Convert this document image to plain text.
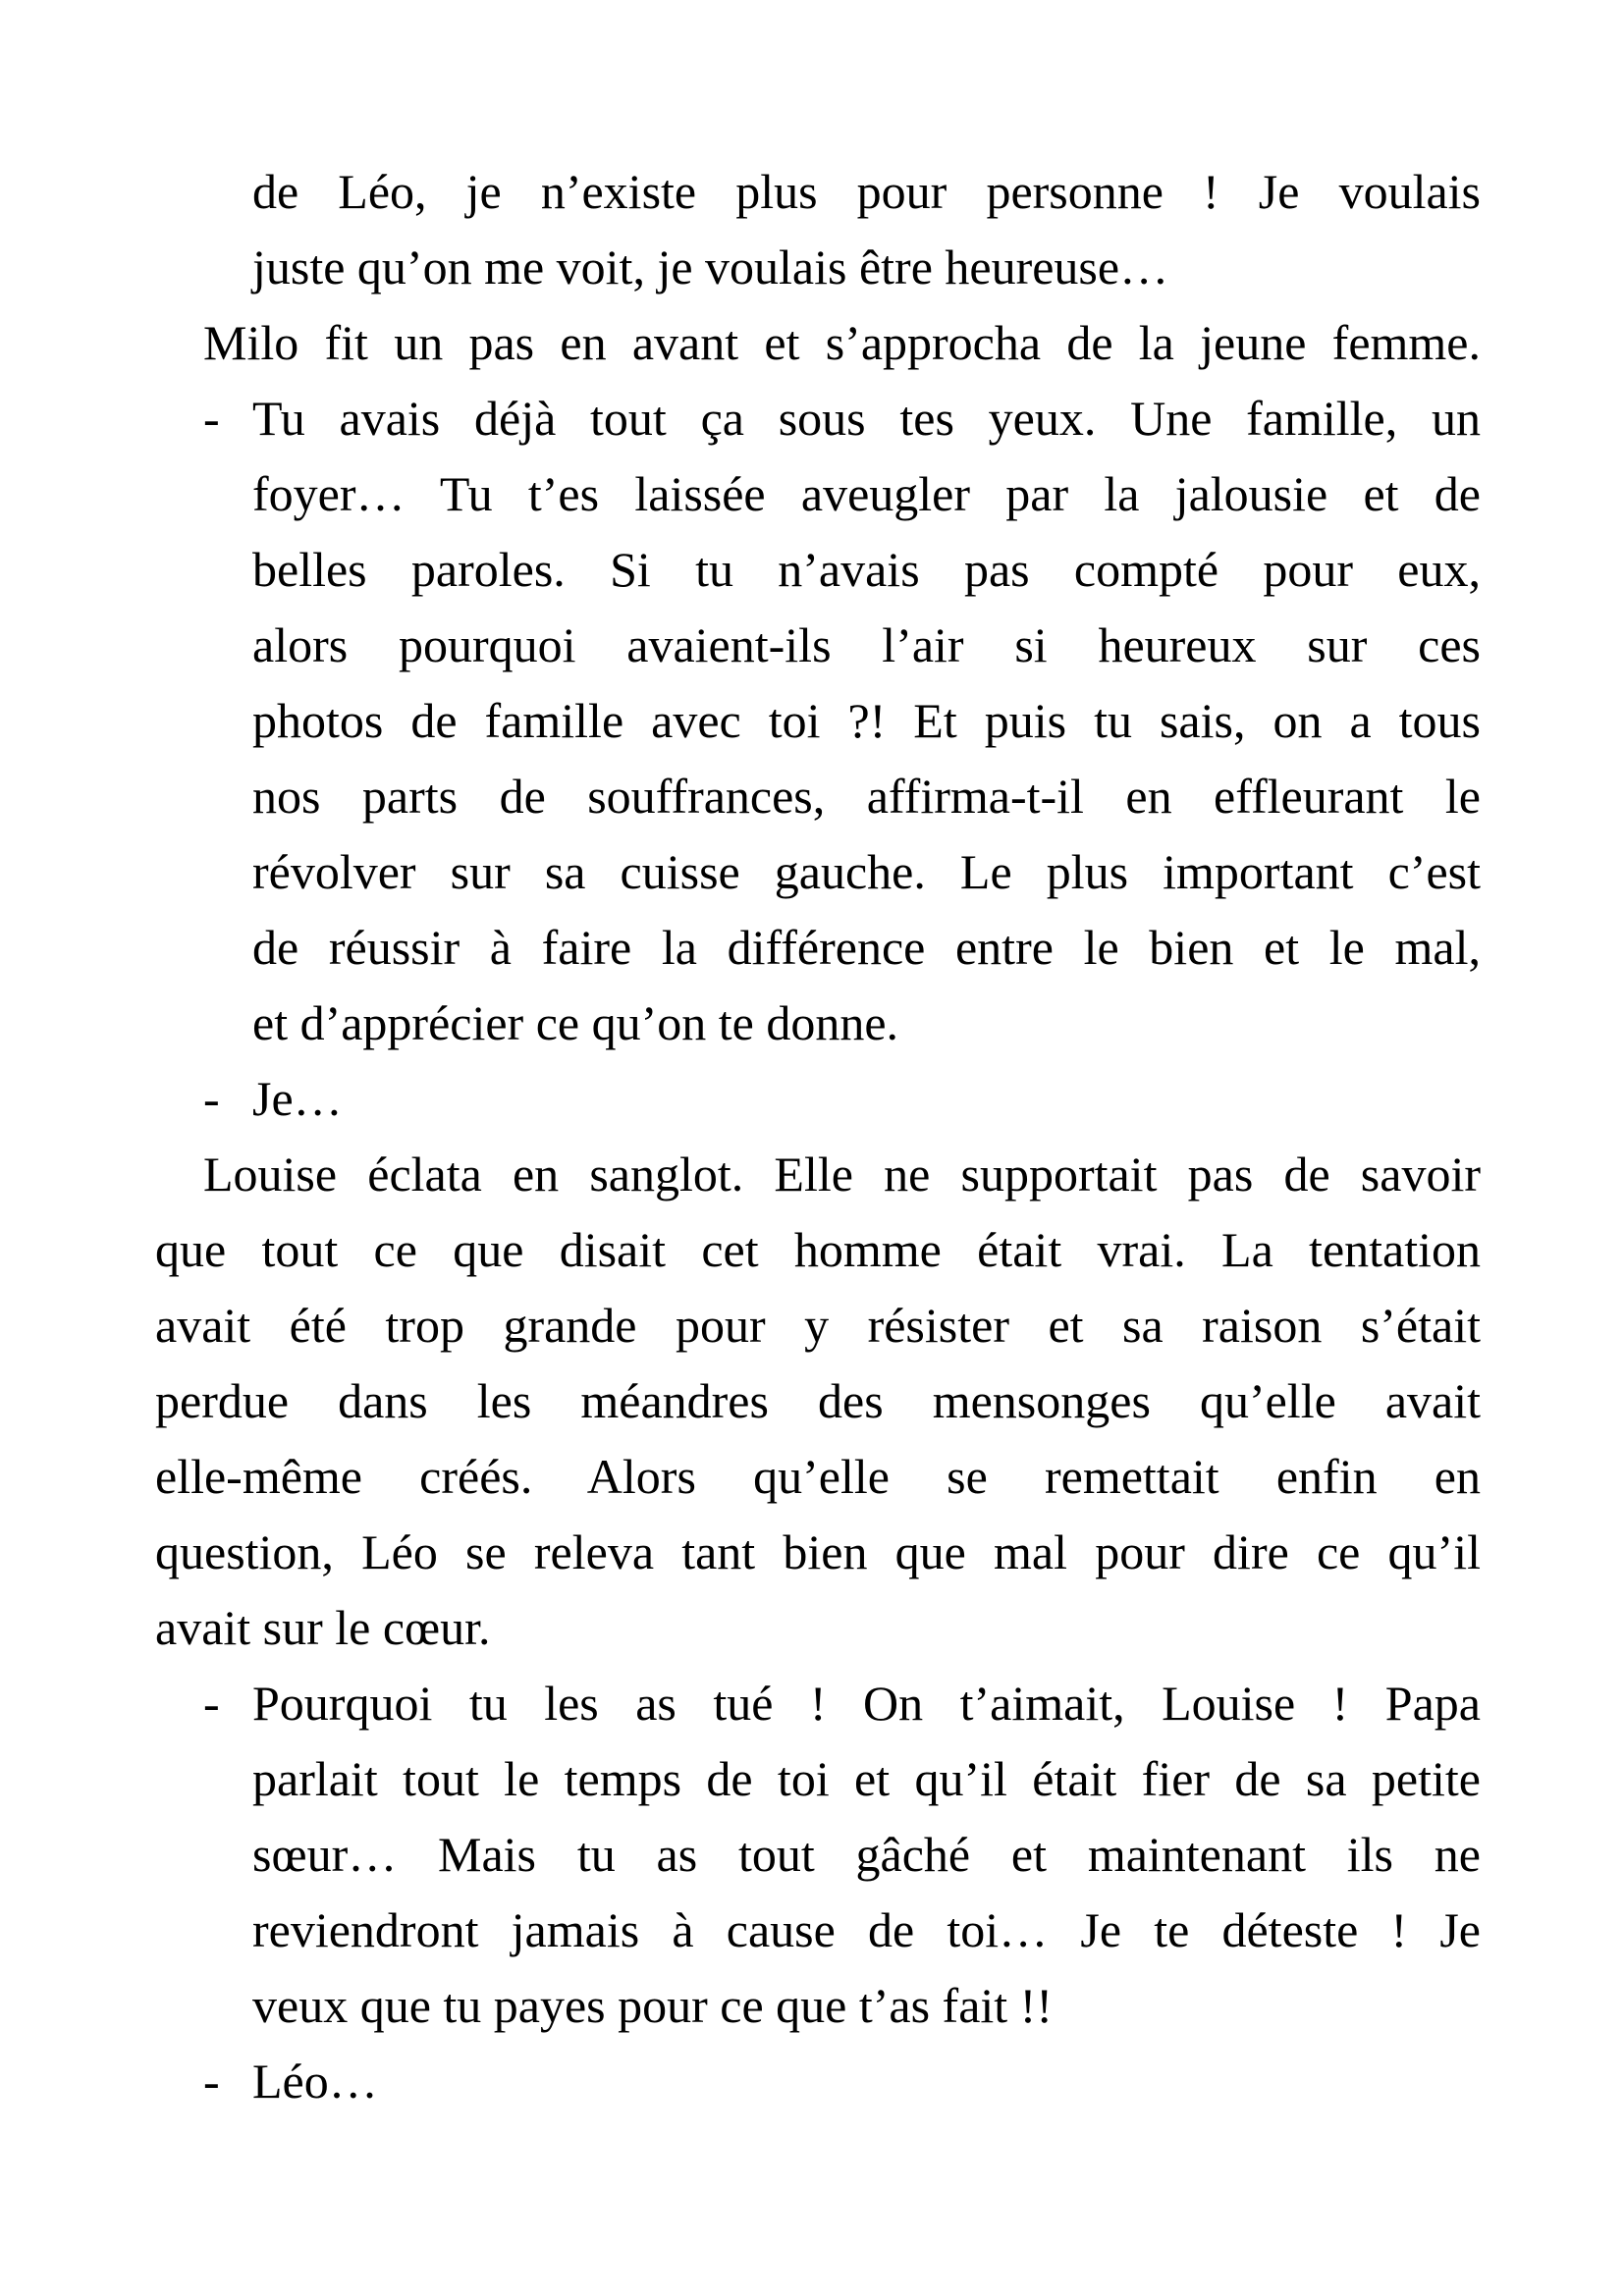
de Léo, je n’existe plus pour personne ! Je voulais
juste qu’on me voit, je voulais être heureuse…
Milo fit un pas en avant et s’approcha de la jeune femme.
- Tu avais déjà tout ça sous tes yeux. Une famille, un
foyer… Tu t’es laissée aveugler par la jalousie et de
belles paroles. Si tu n’avais pas compté pour eux,
alors pourquoi avaient-ils l’air si heureux sur ces
photos de famille avec toi ?! Et puis tu sais, on a tous
nos parts de souffrances, affirma-t-il en effleurant le
révolver sur sa cuisse gauche. Le plus important c’est
de réussir à faire la différence entre le bien et le mal,
et d’apprécier ce qu’on te donne.
- Je…
Louise éclata en sanglot. Elle ne supportait pas de savoir
que tout ce que disait cet homme était vrai. La tentation
avait été trop grande pour y résister et sa raison s’était
perdue dans les méandres des mensonges qu’elle avait
elle-même créés. Alors qu’elle se remettait enfin en
question, Léo se releva tant bien que mal pour dire ce qu’il
avait sur le cœur.
- Pourquoi tu les as tué ! On t’aimait, Louise ! Papa
parlait tout le temps de toi et qu’il était fier de sa petite
sœur… Mais tu as tout gâché et maintenant ils ne
reviendront jamais à cause de toi… Je te déteste ! Je
veux que tu payes pour ce que t’as fait !!
- Léo…
